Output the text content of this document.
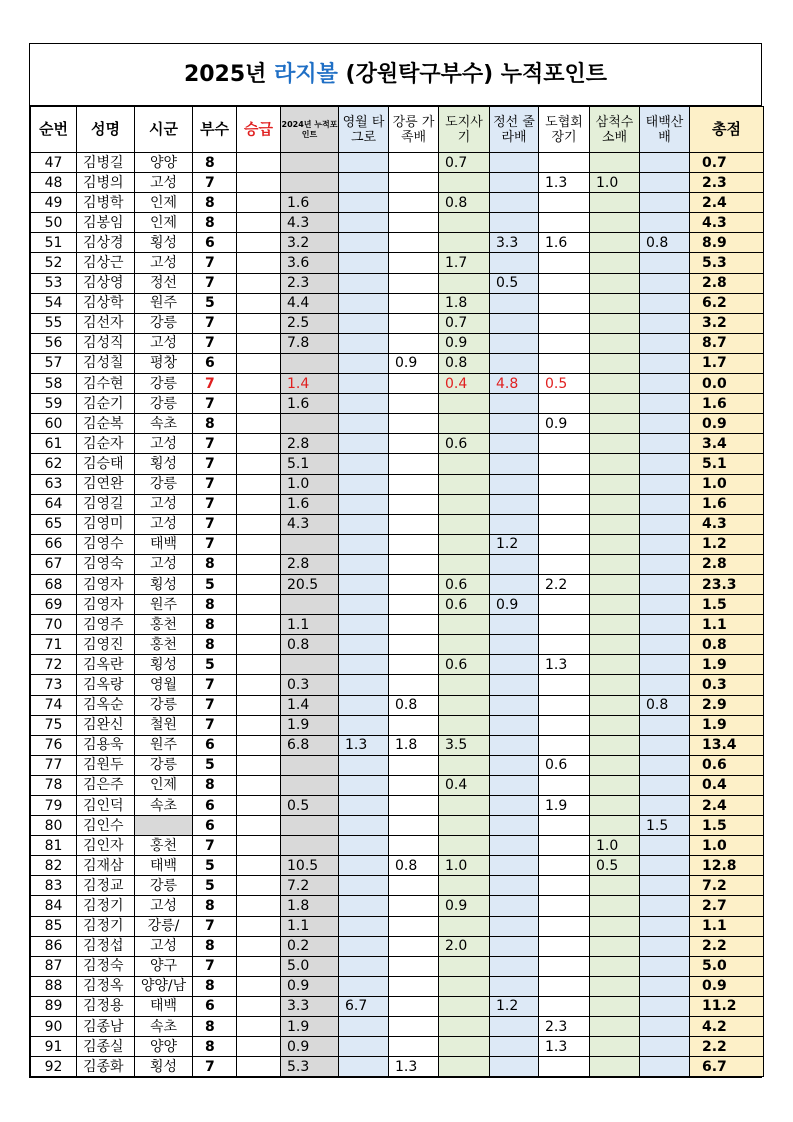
2025년 라지볼 (강원탁구부수) 누적포인트
순번	성명	시군	부수	승급	2024년 누적포인트	영월 타그로	강릉 가족배	도지사기	정선 줄라배	도협회장기	삼척수소배	태백산배	총점
47	김병길	양양	8					0.7					0.7
48	김병의	고성	7							1.3	1.0		2.3
49	김병학	인제	8		1.6			0.8					2.4
50	김봉임	인제	8		4.3								4.3
51	김상경	횡성	6		3.2				3.3	1.6		0.8	8.9
52	김상근	고성	7		3.6			1.7					5.3
53	김상영	정선	7		2.3				0.5				2.8
54	김상학	원주	5		4.4			1.8					6.2
55	김선자	강릉	7		2.5			0.7					3.2
56	김성직	고성	7		7.8			0.9					8.7
57	김성칠	평창	6				0.9	0.8					1.7
58	김수현	강릉	7		1.4			0.4	4.8	0.5			0.0
59	김순기	강릉	7		1.6								1.6
60	김순복	속초	8							0.9			0.9
61	김순자	고성	7		2.8			0.6					3.4
62	김승태	횡성	7		5.1								5.1
63	김연완	강릉	7		1.0								1.0
64	김영길	고성	7		1.6								1.6
65	김영미	고성	7		4.3								4.3
66	김영수	태백	7						1.2				1.2
67	김영숙	고성	8		2.8								2.8
68	김영자	횡성	5		20.5			0.6		2.2			23.3
69	김영자	원주	8					0.6	0.9				1.5
70	김영주	홍천	8		1.1								1.1
71	김영진	홍천	8		0.8								0.8
72	김옥란	횡성	5					0.6		1.3			1.9
73	김옥랑	영월	7		0.3								0.3
74	김옥순	강릉	7		1.4		0.8					0.8	2.9
75	김완신	철원	7		1.9								1.9
76	김용욱	원주	6		6.8	1.3	1.8	3.5					13.4
77	김원두	강릉	5							0.6			0.6
78	김은주	인제	8					0.4					0.4
79	김인덕	속초	6		0.5					1.9			2.4
80	김인수		6									1.5	1.5
81	김인자	홍천	7								1.0		1.0
82	김재삼	태백	5		10.5		0.8	1.0			0.5		12.8
83	김정교	강릉	5		7.2								7.2
84	김정기	고성	8		1.8			0.9					2.7
85	김정기	강릉/	7		1.1								1.1
86	김정섭	고성	8		0.2			2.0					2.2
87	김정숙	양구	7		5.0								5.0
88	김정옥	양양/남	8		0.9								0.9
89	김정용	태백	6		3.3	6.7			1.2				11.2
90	김종남	속초	8		1.9					2.3			4.2
91	김종실	양양	8		0.9					1.3			2.2
92	김종화	횡성	7		5.3		1.3						6.7
